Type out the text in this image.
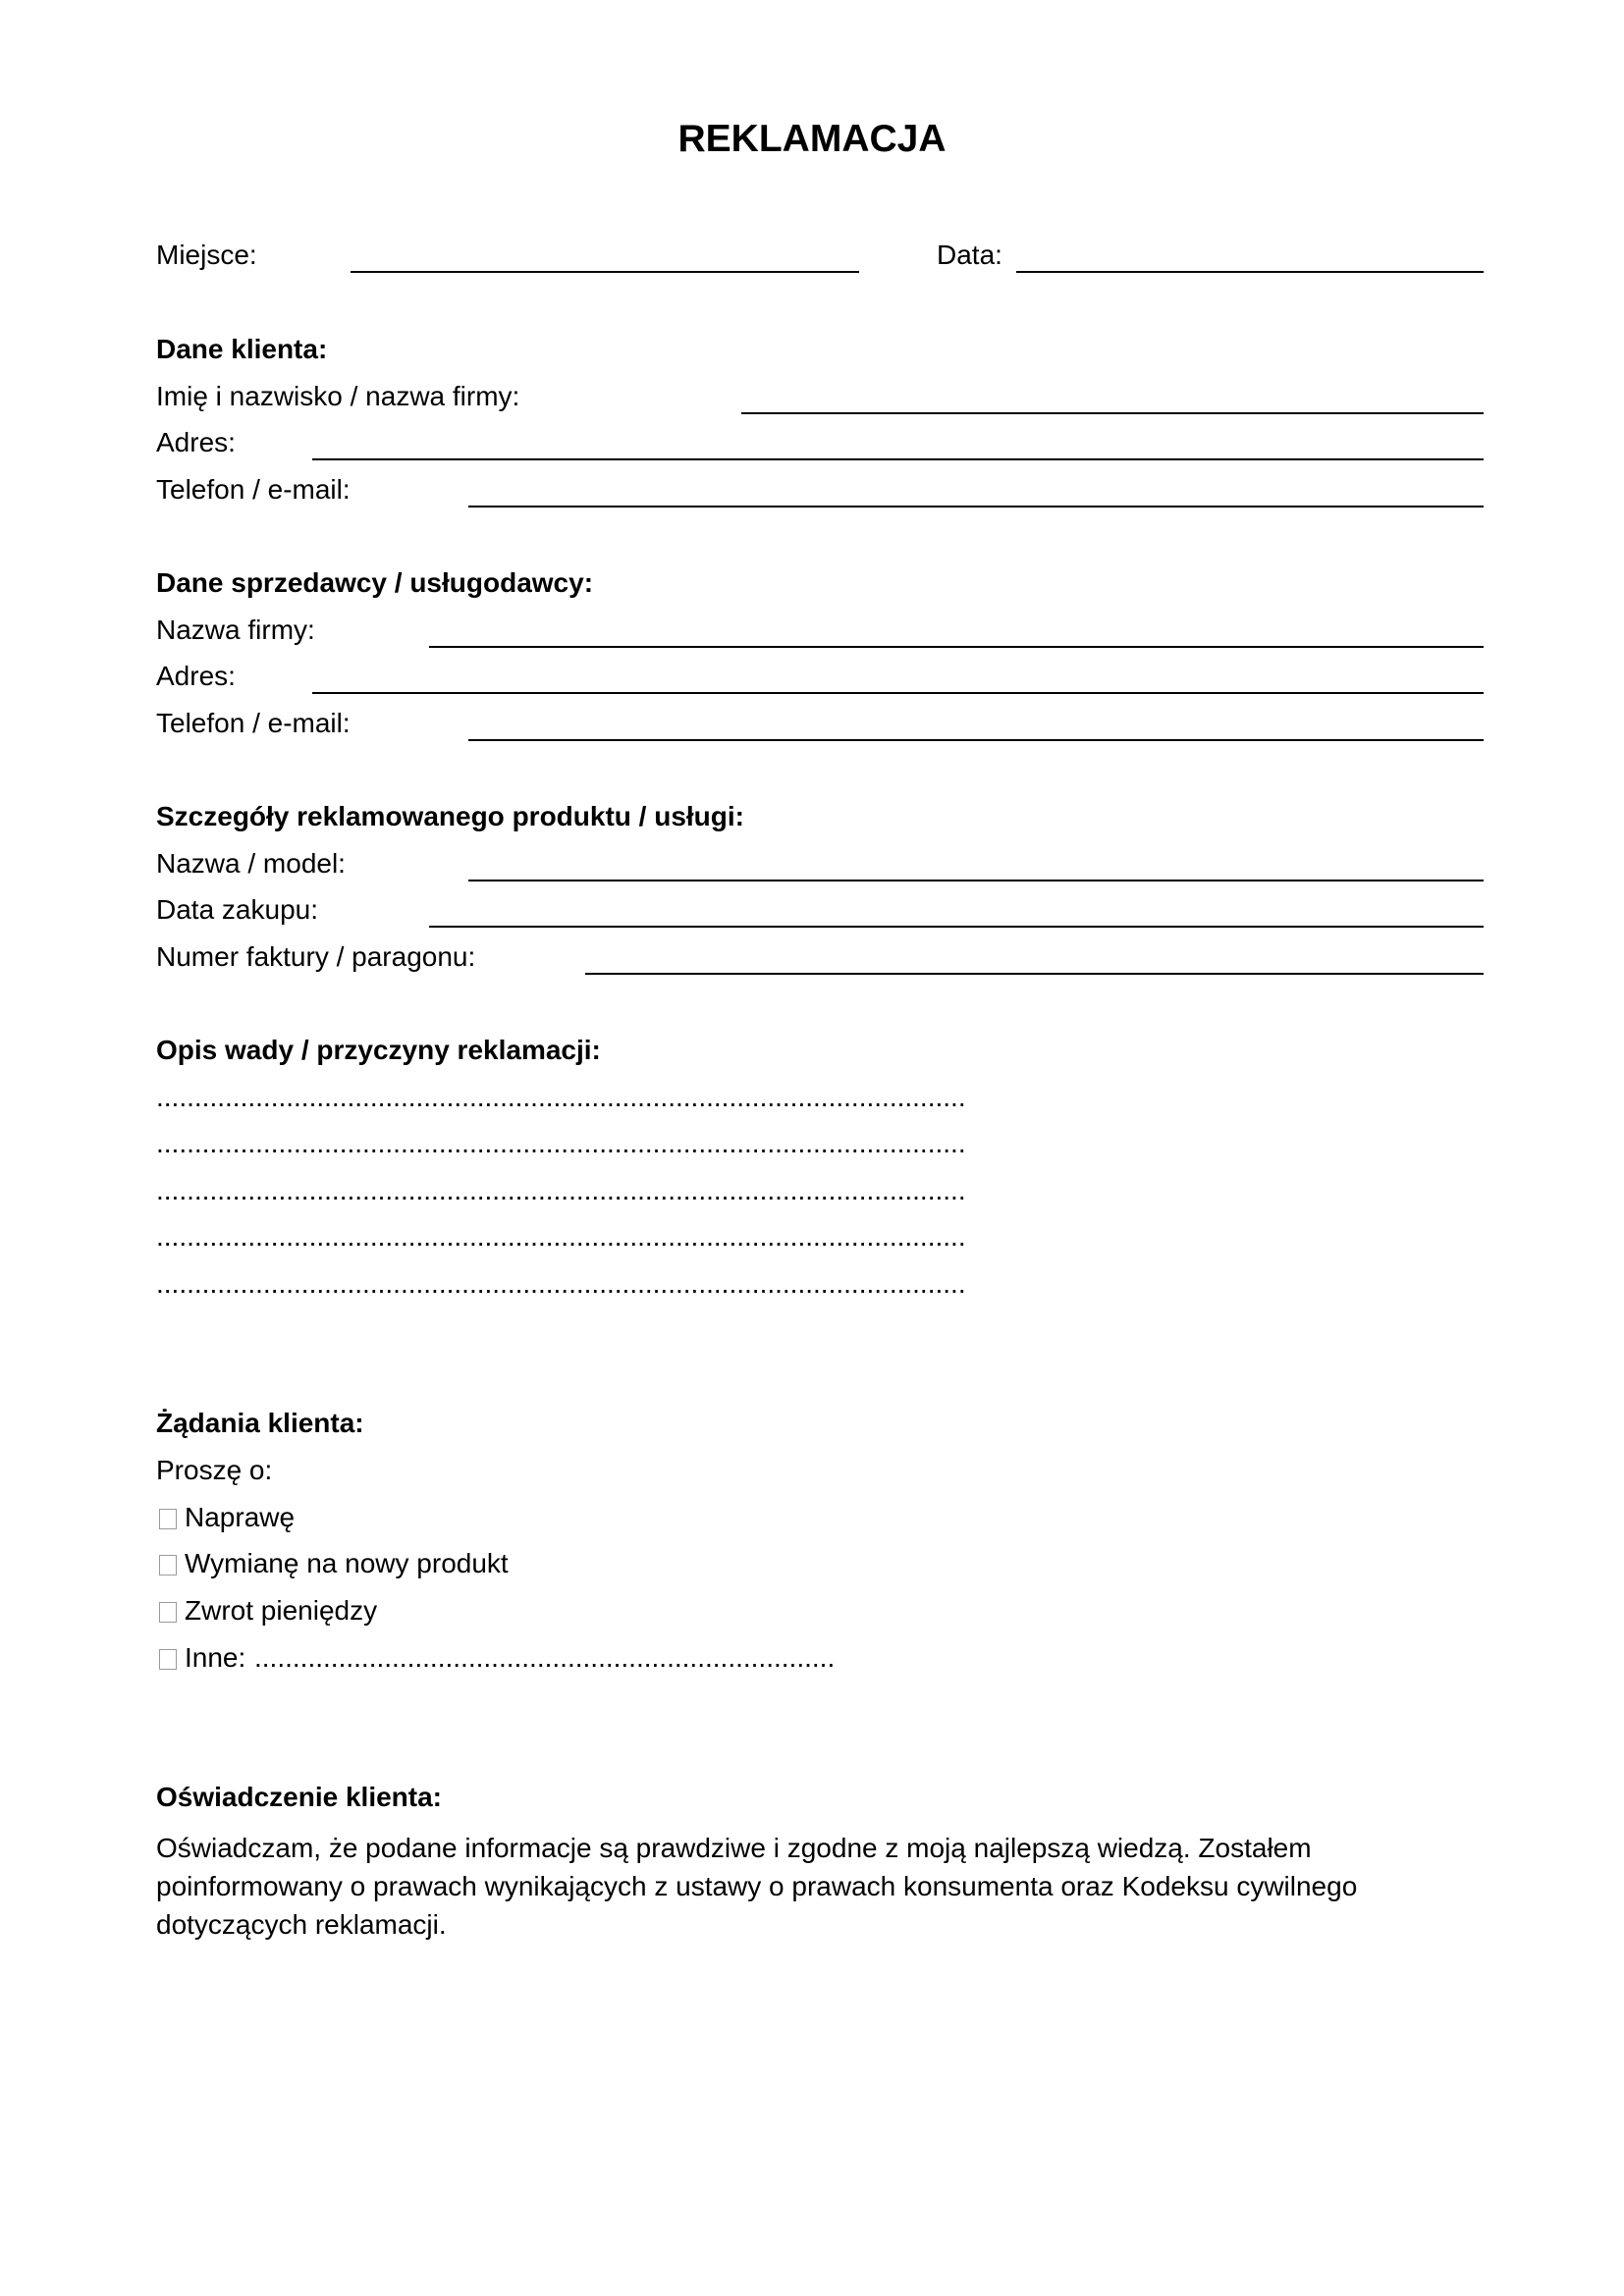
REKLAMACJA
Miejsce:	Data:
Dane klienta:
Imię i nazwisko / nazwa firmy:
Adres:
Telefon / e-mail:
Dane sprzedawcy / usługodawcy:
Nazwa firmy:
Adres:
Telefon / e-mail:
Szczegóły reklamowanego produktu / usługi:
Nazwa / model:
Data zakupu:
Numer faktury / paragonu:
Opis wady / przyczyny reklamacji:
..........................................................................................................
..........................................................................................................
..........................................................................................................
..........................................................................................................
..........................................................................................................
Żądania klienta:
Proszę o:
Naprawę
Wymianę na nowy produkt
Zwrot pieniędzy
Inne: ............................................................................
Oświadczenie klienta:
Oświadczam, że podane informacje są prawdziwe i zgodne z moją najlepszą wiedzą. Zostałem
poinformowany o prawach wynikających z ustawy o prawach konsumenta oraz Kodeksu cywilnego
dotyczących reklamacji.
